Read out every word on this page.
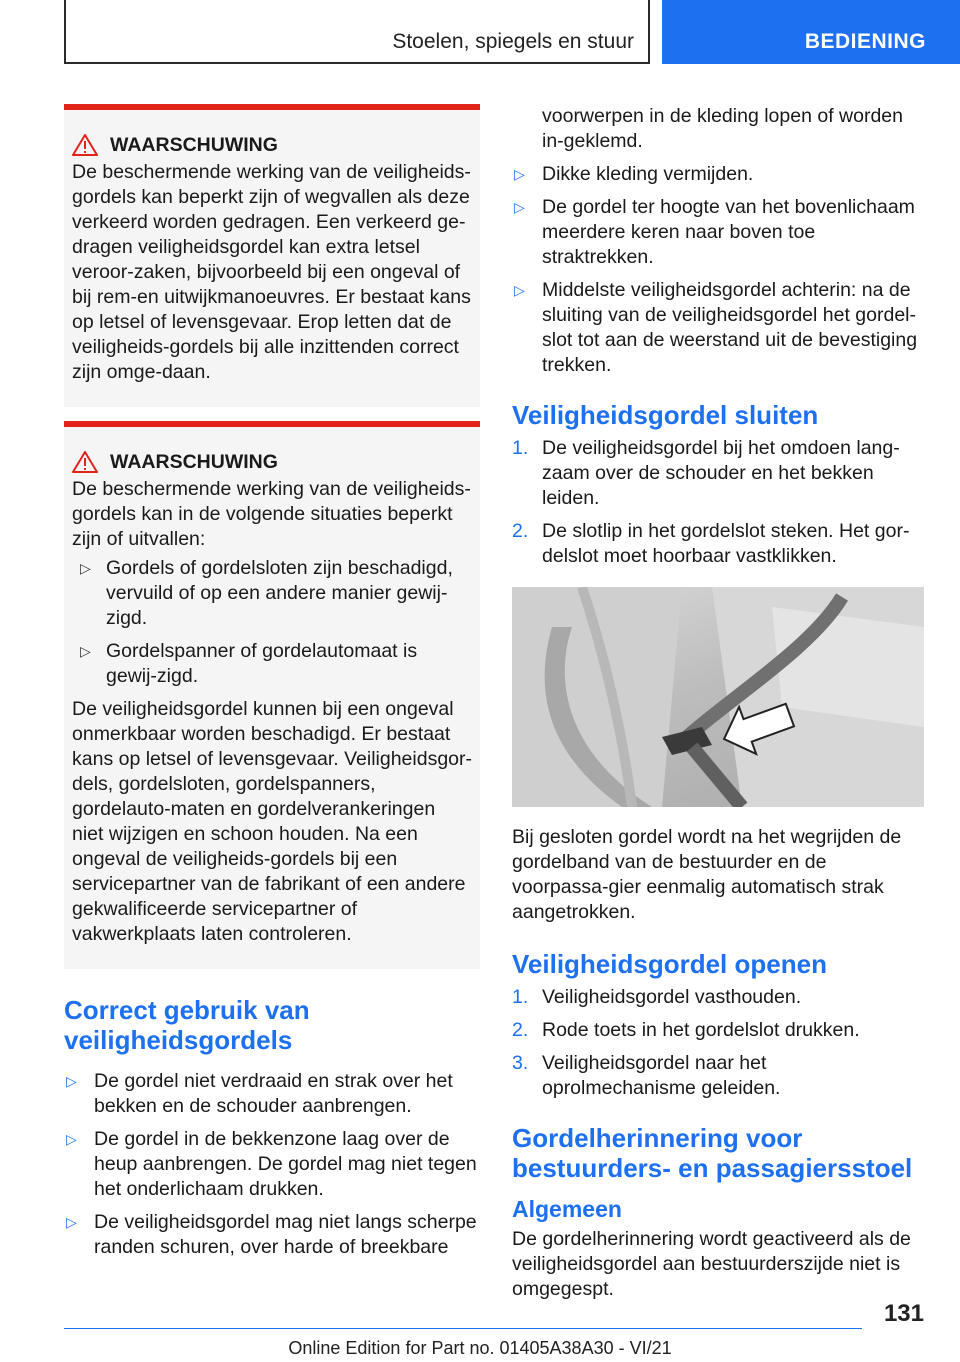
Stoelen, spiegels en stuur	BEDIENING
WAARSCHUWING

De beschermende werking van de veiligheids-gordels kan beperkt zijn of wegvallen als deze verkeerd worden gedragen. Een verkeerd ge-dragen veiligheidsgordel kan extra letsel veroor-zaken, bijvoorbeeld bij een ongeval of bij rem-en uitwijkmanoeuvres. Er bestaat kans op letsel of levensgevaar. Erop letten dat de veiligheids-gordels bij alle inzittenden correct zijn omge-daan.

WAARSCHUWING

De beschermende werking van de veiligheids-gordels kan in de volgende situaties beperkt zijn of uitvallen:

▷ Gordels of gordelsloten zijn beschadigd, vervuild of op een andere manier gewij-zigd.
▷ Gordelspanner of gordelautomaat is gewij-zigd.

De veiligheidsgordel kunnen bij een ongeval onmerkbaar worden beschadigd. Er bestaat kans op letsel of levensgevaar. Veiligheidsgor-dels, gordelsloten, gordelspanners, gordelauto-maten en gordelverankeringen niet wijzigen en schoon houden. Na een ongeval de veiligheids-gordels bij een servicepartner van de fabrikant of een andere gekwalificeerde servicepartner of vakwerkplaats laten controleren.

Correct gebruik van veiligheidsgordels
▷ De gordel niet verdraaid en strak over het bekken en de schouder aanbrengen.
▷ De gordel in de bekkenzone laag over de heup aanbrengen. De gordel mag niet tegen het onderlichaam drukken.
▷ De veiligheidsgordel mag niet langs scherpe randen schuren, over harde of breekbare

voorwerpen in de kleding lopen of worden in-geklemd.

▷ Dikke kleding vermijden.
▷ De gordel ter hoogte van het bovenlichaam meerdere keren naar boven toe straktrekken.
▷ Middelste veiligheidsgordel achterin: na de sluiting van de veiligheidsgordel het gordel-slot tot aan de weerstand uit de bevestiging trekken.
Veiligheidsgordel sluiten
1. De veiligheidsgordel bij het omdoen lang-zaam over de schouder en het bekken leiden.
2. De slotlip in het gordelslot steken. Het gor-delslot moet hoorbaar vastklikken.

Bij gesloten gordel wordt na het wegrijden de gordelband van de bestuurder en de voorpassa-gier eenmalig automatisch strak aangetrokken.

Veiligheidsgordel openen
1. Veiligheidsgordel vasthouden.
2. Rode toets in het gordelslot drukken.
3. Veiligheidsgordel naar het oprolmechanisme geleiden.
Gordelherinnering voor bestuurders- en passagiersstoel
Algemeen

De gordelherinnering wordt geactiveerd als de veiligheidsgordel aan bestuurderszijde niet is omgegespt.

131
Online Edition for Part no. 01405A38A30 - VI/21
